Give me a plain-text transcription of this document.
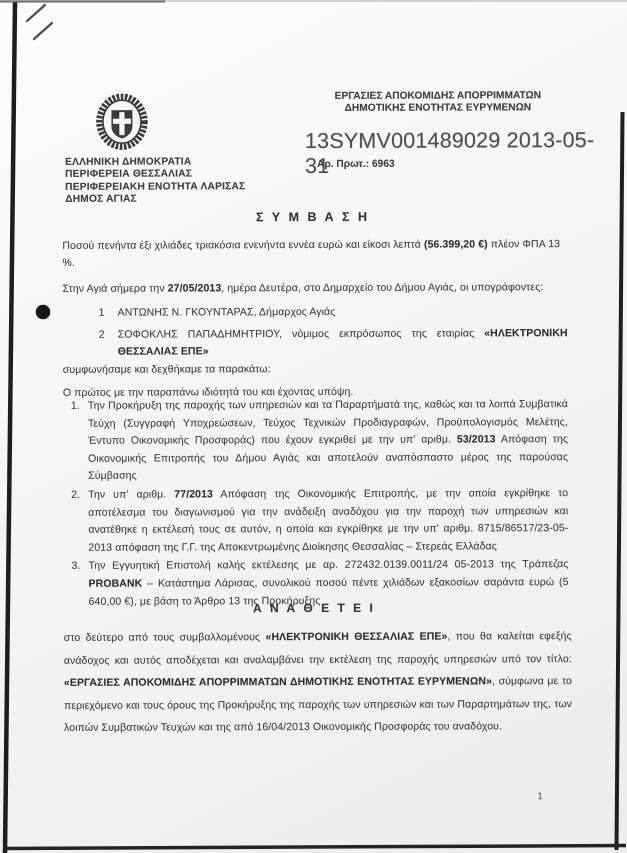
ΕΛΛΗΝΙΚΗ ΔΗΜΟΚΡΑΤΙΑ
ΠΕΡΙΦΕΡΕΙΑ ΘΕΣΣΑΛΙΑΣ
ΠΕΡΙΦΕΡΕΙΑΚΗ ΕΝΟΤΗΤΑ ΛΑΡΙΣΑΣ
ΔΗΜΟΣ ΑΓΙΑΣ
ΕΡΓΑΣΙΕΣ ΑΠΟΚΟΜΙΔΗΣ ΑΠΟΡΡΙΜΜΑΤΩΝ
ΔΗΜΟΤΙΚΗΣ ΕΝΟΤΗΤΑΣ ΕΥΡΥΜΕΝΩΝ
13SYMV001489029 2013-05-31
Αρ. Πρωτ.: 6963
Σ Υ Μ Β Α Σ Η

Ποσού πενήντα έξι χιλιάδες τριακόσια ενενήντα εννέα ευρώ και είκοσι λεπτά (56.399,20 €) πλέον ΦΠΑ 13 %.

Στην Αγιά σήμερα την 27/05/2013, ημέρα Δευτέρα, στο Δημαρχείο του Δήμου Αγιάς, οι υπογράφοντες:

1	ΑΝΤΩΝΗΣ Ν. ΓΚΟΥΝΤΑΡΑΣ, Δήμαρχος Αγιάς
2	ΣΟΦΟΚΛΗΣ ΠΑΠΑΔΗΜΗΤΡΙΟΥ, νόμιμος εκπρόσωπος της εταιρίας «ΗΛΕΚΤΡΟΝΙΚΗ ΘΕΣΣΑΛΙΑΣ ΕΠΕ»

συμφωνήσαμε και δεχθήκαμε τα παρακάτω:

Ο πρώτος με την παραπάνω ιδιότητά του και έχοντας υπόψη.

1. Την Προκήρυξη της παροχής των υπηρεσιών και τα Παραρτήματά της, καθώς και τα λοιπά Συμβατικά Τεύχη (Συγγραφή Υποχρεώσεων, Τεύχος Τεχνικών Προδιαγραφών, Προϋπολογισμός Μελέτης, Έντυπο Οικονομικής Προσφοράς) που έχουν εγκριθεί με την υπ' αριθμ. 53/2013 Απόφαση της Οικονομικής Επιτροπής του Δήμου Αγιάς και αποτελούν αναπόσπαστο μέρος της παρούσας Σύμβασης
2. Την υπ' αριθμ. 77/2013 Απόφαση της Οικονομικής Επιτροπής, με την οποία εγκρίθηκε το αποτέλεσμα του διαγωνισμού για την ανάδειξη αναδόχου για την παροχή των υπηρεσιών και ανατέθηκε η εκτέλεσή τους σε αυτόν, η οποία και εγκρίθηκε με την υπ' αριθμ. 8715/86517/23-05-2013 απόφαση της Γ.Γ. της Αποκεντρωμένης Διοίκησης Θεσσαλίας – Στερεάς Ελλάδας
3. Την Εγγυητική Επιστολή καλής εκτέλεσης με αρ. 272432.0139.0011/24 05-2013 της Τράπεζας PROBANK – Κατάστημα Λάρισας, συνολικού ποσού πέντε χιλιάδων εξακοσίων σαράντα ευρώ (5 640,00 €), με βάση το Άρθρο 13 της Προκήρυξης
Α Ν Α Θ Ε Τ Ε Ι

στο δεύτερο από τους συμβαλλομένους «ΗΛΕΚΤΡΟΝΙΚΗ ΘΕΣΣΑΛΙΑΣ ΕΠΕ», που θα καλείται εφεξής ανάδοχος και αυτός αποδέχεται και αναλαμβάνει την εκτέλεση της παροχής υπηρεσιών υπό τον τίτλο: «ΕΡΓΑΣΙΕΣ ΑΠΟΚΟΜΙΔΗΣ ΑΠΟΡΡΙΜΜΑΤΩΝ ΔΗΜΟΤΙΚΗΣ ΕΝΟΤΗΤΑΣ ΕΥΡΥΜΕΝΩΝ», σύμφωνα με το περιεχόμενο και τους όρους της Προκήρυξης της παροχής των υπηρεσιών και των Παραρτημάτων της, των λοιπών Συμβατικών Τευχών και της από 16/04/2013 Οικονομικής Προσφοράς του αναδόχου.

1
